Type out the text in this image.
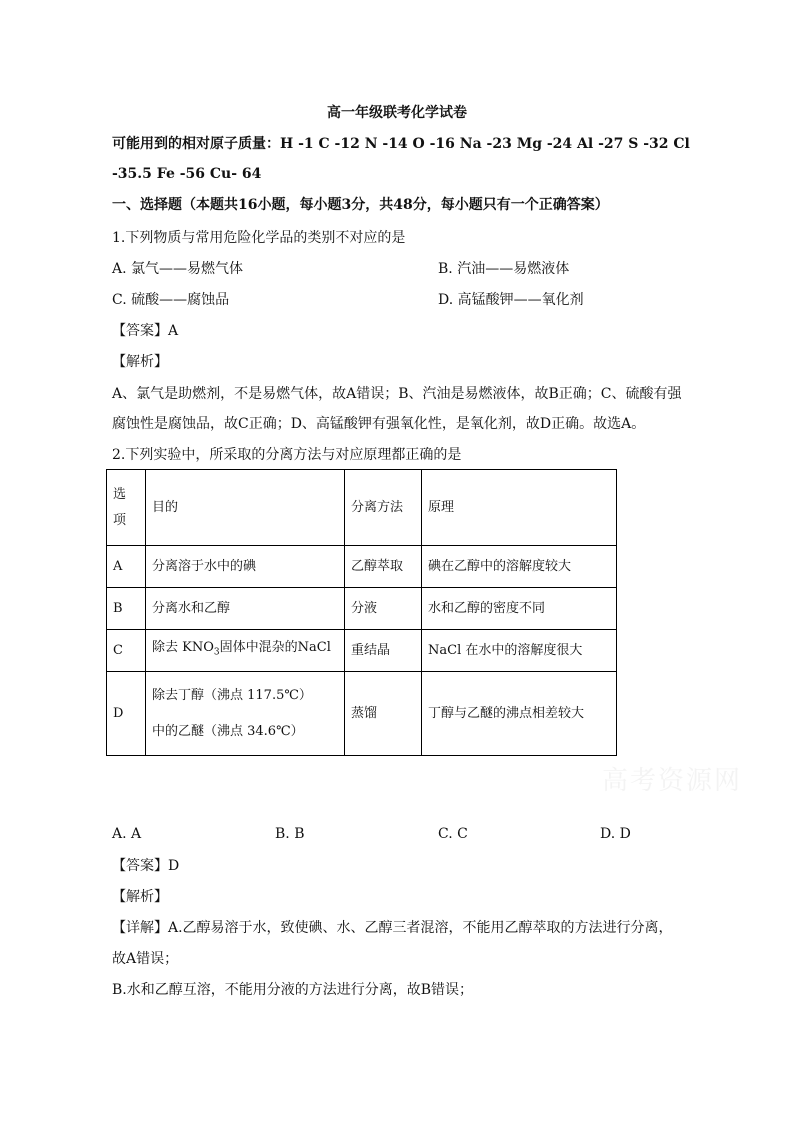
高一年级联考化学试卷
可能用到的相对原子质量：H -1 C -12 N -14 O -16 Na -23 Mg -24 Al -27 S -32 Cl
-35.5 Fe -56 Cu- 64
一、选择题（本题共16小题，每小题3分，共48分，每小题只有一个正确答案）
1.下列物质与常用危险化学品的类别不对应的是
A. 氯气——易燃气体	B. 汽油——易燃液体
C. 硫酸——腐蚀品	D. 高锰酸钾——氧化剂
【答案】A
【解析】
A、氯气是助燃剂，不是易燃气体，故A错误；B、汽油是易燃液体，故B正确；C、硫酸有强
腐蚀性是腐蚀品，故C正确；D、高锰酸钾有强氧化性，是氧化剂，故D正确。故选A。
2.下列实验中，所采取的分离方法与对应原理都正确的是
选
项	目的	分离方法	原理
A	分离溶于水中的碘	乙醇萃取	碘在乙醇中的溶解度较大
B	分离水和乙醇	分液	水和乙醇的密度不同
C	除去 $KNO_3$固体中混杂的NaCl	重结晶	NaCl 在水中的溶解度很大
D	除去丁醇（沸点 117.5℃）
中的乙醚（沸点 34.6℃）	蒸馏	丁醇与乙醚的沸点相差较大
高考资源网
A. A	B. B	C. C	D. D
【答案】D
【解析】
【详解】A.乙醇易溶于水，致使碘、水、乙醇三者混溶，不能用乙醇萃取的方法进行分离，
故A错误；
B.水和乙醇互溶，不能用分液的方法进行分离，故B错误；
